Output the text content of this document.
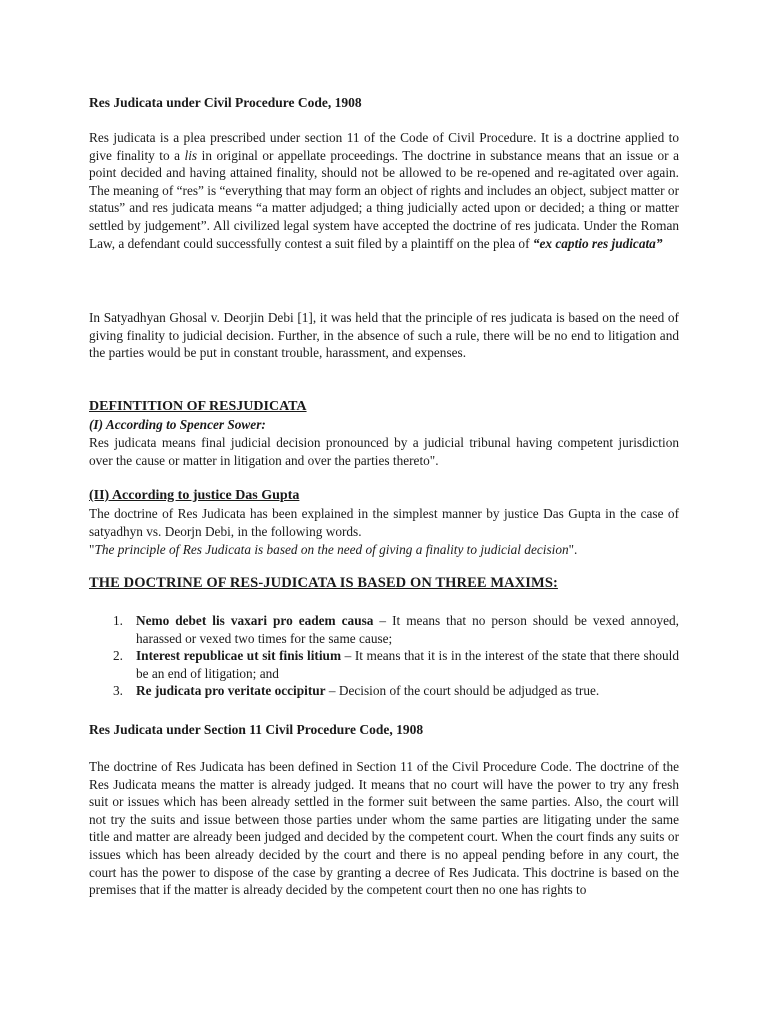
Res Judicata under Civil Procedure Code, 1908

Res judicata is a plea prescribed under section 11 of the Code of Civil Procedure. It is a doctrine applied to give finality to a lis in original or appellate proceedings. The doctrine in substance means that an issue or a point decided and having attained finality, should not be allowed to be re-opened and re-agitated over again. The meaning of “res” is “everything that may form an object of rights and includes an object, subject matter or status” and res judicata means “a matter adjudged; a thing judicially acted upon or decided; a thing or matter settled by judgement”. All civilized legal system have accepted the doctrine of res judicata. Under the Roman Law, a defendant could successfully contest a suit filed by a plaintiff on the plea of “ex captio res judicata”

In Satyadhyan Ghosal v. Deorjin Debi [1], it was held that the principle of res judicata is based on the need of giving finality to judicial decision. Further, in the absence of such a rule, there will be no end to litigation and the parties would be put in constant trouble, harassment, and expenses.

DEFINTITION OF RESJUDICATA
(I) According to Spencer Sower:

Res judicata means final judicial decision pronounced by a judicial tribunal having competent jurisdiction over the cause or matter in litigation and over the parties thereto".

(II) According to justice Das Gupta

The doctrine of Res Judicata has been explained in the simplest manner by justice Das Gupta in the case of satyadhyn vs. Deorjn Debi, in the following words.

"The principle of Res Judicata is based on the need of giving a finality to judicial decision".

THE DOCTRINE OF RES-JUDICATA IS BASED ON THREE MAXIMS:
1. Nemo debet lis vaxari pro eadem causa – It means that no person should be vexed annoyed, harassed or vexed two times for the same cause;
2. Interest republicae ut sit finis litium – It means that it is in the interest of the state that there should be an end of litigation; and
3. Re judicata pro veritate occipitur – Decision of the court should be adjudged as true.
Res Judicata under Section 11 Civil Procedure Code, 1908

The doctrine of Res Judicata has been defined in Section 11 of the Civil Procedure Code. The doctrine of the Res Judicata means the matter is already judged. It means that no court will have the power to try any fresh suit or issues which has been already settled in the former suit between the same parties. Also, the court will not try the suits and issue between those parties under whom the same parties are litigating under the same title and matter are already been judged and decided by the competent court. When the court finds any suits or issues which has been already decided by the court and there is no appeal pending before in any court, the court has the power to dispose of the case by granting a decree of Res Judicata. This doctrine is based on the premises that if the matter is already decided by the competent court then no one has rights to
